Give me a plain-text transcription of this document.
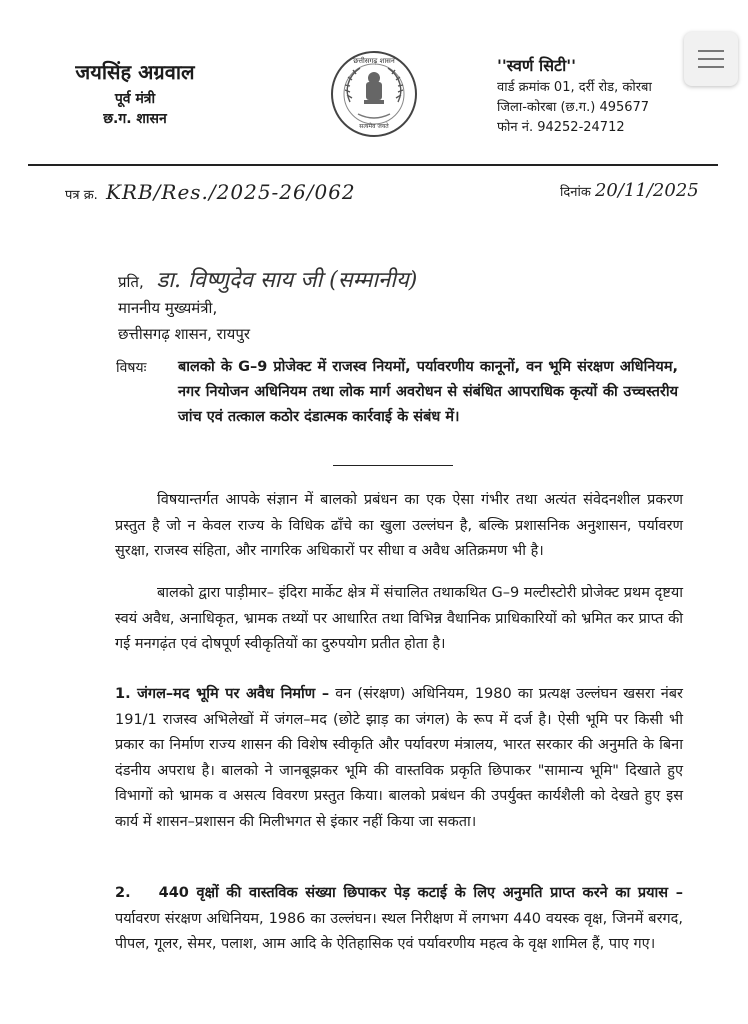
जयसिंह अग्रवाल
पूर्व मंत्री
छ.ग. शासन
छत्तीसगढ़ शासन
सत्यमेव जयते
''स्वर्ण सिटी''
वार्ड क्रमांक 01, दर्री रोड, कोरबा
जिला-कोरबा (छ.ग.) 495677
फोन नं. 94252-24712
पत्र क्र. KRB/Res./2025-26/062	दिनांक 20/11/2025
प्रति, डा. विष्णुदेव साय जी (सम्मानीय)
माननीय मुख्यमंत्री,
छत्तीसगढ़ शासन, रायपुर
विषयः बालको के G–9 प्रोजेक्ट में राजस्व नियमों, पर्यावरणीय कानूनों, वन भूमि संरक्षण अधिनियम, नगर नियोजन अधिनियम तथा लोक मार्ग अवरोधन से संबंधित आपराधिक कृत्यों की उच्चस्तरीय जांच एवं तत्काल कठोर दंडात्मक कार्रवाई के संबंध में।
विषयान्तर्गत आपके संज्ञान में बालको प्रबंधन का एक ऐसा गंभीर तथा अत्यंत संवेदनशील प्रकरण प्रस्तुत है जो न केवल राज्य के विधिक ढाँचे का खुला उल्लंघन है, बल्कि प्रशासनिक अनुशासन, पर्यावरण सुरक्षा, राजस्व संहिता, और नागरिक अधिकारों पर सीधा व अवैध अतिक्रमण भी है।
बालको द्वारा पाड़ीमार– इंदिरा मार्केट क्षेत्र में संचालित तथाकथित G–9 मल्टीस्टोरी प्रोजेक्ट प्रथम दृष्टया स्वयं अवैध, अनाधिकृत, भ्रामक तथ्यों पर आधारित तथा विभिन्न वैधानिक प्राधिकारियों को भ्रमित कर प्राप्त की गई मनगढ़ंत एवं दोषपूर्ण स्वीकृतियों का दुरुपयोग प्रतीत होता है।
1. जंगल–मद भूमि पर अवैध निर्माण – वन (संरक्षण) अधिनियम, 1980 का प्रत्यक्ष उल्लंघन खसरा नंबर 191/1 राजस्व अभिलेखों में जंगल–मद (छोटे झाड़ का जंगल) के रूप में दर्ज है। ऐसी भूमि पर किसी भी प्रकार का निर्माण राज्य शासन की विशेष स्वीकृति और पर्यावरण मंत्रालय, भारत सरकार की अनुमति के बिना दंडनीय अपराध है। बालको ने जानबूझकर भूमि की वास्तविक प्रकृति छिपाकर "सामान्य भूमि" दिखाते हुए विभागों को भ्रामक व असत्य विवरण प्रस्तुत किया। बालको प्रबंधन की उपर्युक्त कार्यशैली को देखते हुए इस कार्य में शासन–प्रशासन की मिलीभगत से इंकार नहीं किया जा सकता।
2. 440 वृक्षों की वास्तविक संख्या छिपाकर पेड़ कटाई के लिए अनुमति प्राप्त करने का प्रयास – पर्यावरण संरक्षण अधिनियम, 1986 का उल्लंघन। स्थल निरीक्षण में लगभग 440 वयस्क वृक्ष, जिनमें बरगद, पीपल, गूलर, सेमर, पलाश, आम आदि के ऐतिहासिक एवं पर्यावरणीय महत्व के वृक्ष शामिल हैं, पाए गए।
